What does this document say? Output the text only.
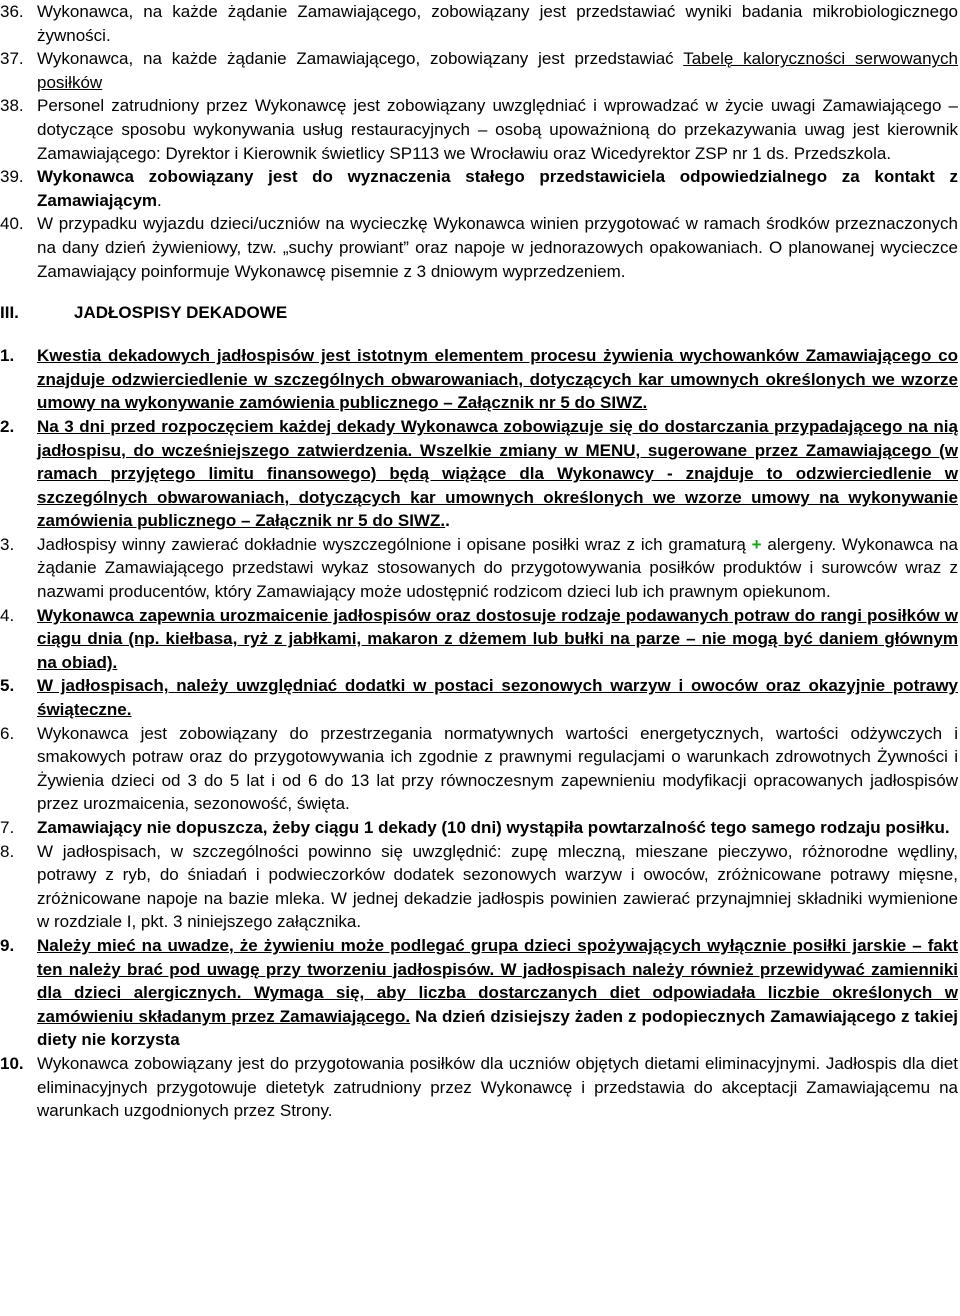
36. Wykonawca, na każde żądanie Zamawiającego, zobowiązany jest przedstawiać wyniki badania mikrobiologicznego żywności.
37. Wykonawca, na każde żądanie Zamawiającego, zobowiązany jest przedstawiać Tabelę kaloryczności serwowanych posiłków
38. Personel zatrudniony przez Wykonawcę jest zobowiązany uwzględniać i wprowadzać w życie uwagi Zamawiającego – dotyczące sposobu wykonywania usług restauracyjnych – osobą upoważnioną do przekazywania uwag jest kierownik Zamawiającego: Dyrektor i Kierownik świetlicy SP113 we Wrocławiu oraz Wicedyrektor ZSP nr 1 ds. Przedszkola.
39. Wykonawca zobowiązany jest do wyznaczenia stałego przedstawiciela odpowiedzialnego za kontakt z Zamawiającym.
40. W przypadku wyjazdu dzieci/uczniów na wycieczkę Wykonawca winien przygotować w ramach środków przeznaczonych na dany dzień żywieniowy, tzw. „suchy prowiant” oraz napoje w jednorazowych opakowaniach. O planowanej wycieczce Zamawiający poinformuje Wykonawcę pisemnie z 3 dniowym wyprzedzeniem.
III.	JADŁOSPISY DEKADOWE
1.	Kwestia dekadowych jadłospisów jest istotnym elementem procesu żywienia wychowanków Zamawiającego co znajduje odzwierciedlenie w szczególnych obwarowaniach, dotyczących kar umownych określonych we wzorze umowy na wykonywanie zamówienia publicznego – Załącznik nr 5 do SIWZ.
2.	Na 3 dni przed rozpoczęciem każdej dekady Wykonawca zobowiązuje się do dostarczania przypadającego na nią jadłospisu, do wcześniejszego zatwierdzenia. Wszelkie zmiany w MENU, sugerowane przez Zamawiającego (w ramach przyjętego limitu finansowego) będą wiążące dla Wykonawcy - znajduje to odzwierciedlenie w szczególnych obwarowaniach, dotyczących kar umownych określonych we wzorze umowy na wykonywanie zamówienia publicznego – Załącznik nr 5 do SIWZ..
3.	Jadłospisy winny zawierać dokładnie wyszczególnione i opisane posiłki wraz z ich gramaturą + alergeny. Wykonawca na żądanie Zamawiającego przedstawi wykaz stosowanych do przygotowywania posiłków produktów i surowców wraz z nazwami producentów, który Zamawiający może udostępnić rodzicom dzieci lub ich prawnym opiekunom.
4.	Wykonawca zapewnia urozmaicenie jadłospisów oraz dostosuje rodzaje podawanych potraw do rangi posiłków w ciągu dnia (np. kiełbasa, ryż z jabłkami, makaron z dżemem lub bułki na parze – nie mogą być daniem głównym na obiad).
5.	W jadłospisach, należy uwzględniać dodatki w postaci sezonowych warzyw i owoców oraz okazyjnie potrawy świąteczne.
6.	Wykonawca jest zobowiązany do przestrzegania normatywnych wartości energetycznych, wartości odżywczych i smakowych potraw oraz do przygotowywania ich zgodnie z prawnymi regulacjami o warunkach zdrowotnych Żywności i Żywienia dzieci od 3 do 5 lat i od 6 do 13 lat przy równoczesnym zapewnieniu modyfikacji opracowanych jadłospisów przez urozmaicenia, sezonowość, święta.
7.	Zamawiający nie dopuszcza, żeby ciągu 1 dekady (10 dni) wystąpiła powtarzalność tego samego rodzaju posiłku.
8.	W jadłospisach, w szczególności powinno się uwzględnić: zupę mleczną, mieszane pieczywo, różnorodne wędliny, potrawy z ryb, do śniadań i podwieczorków dodatek sezonowych warzyw i owoców, zróżnicowane potrawy mięsne, zróżnicowane napoje na bazie mleka. W jednej dekadzie jadłospis powinien zawierać przynajmniej składniki wymienione w rozdziale I, pkt. 3 niniejszego załącznika.
9.	Należy mieć na uwadze, że żywieniu może podlegać grupa dzieci spożywających wyłącznie posiłki jarskie – fakt ten należy brać pod uwagę przy tworzeniu jadłospisów. W jadłospisach należy również przewidywać zamienniki dla dzieci alergicznych. Wymaga się, aby liczba dostarczanych diet odpowiadała liczbie określonych w zamówieniu składanym przez Zamawiającego. Na dzień dzisiejszy żaden z podopiecznych Zamawiającego z takiej diety nie korzysta
10. Wykonawca zobowiązany jest do przygotowania posiłków dla uczniów objętych dietami eliminacyjnymi. Jadłospis dla diet eliminacyjnych przygotowuje dietetyk zatrudniony przez Wykonawcę i przedstawia do akceptacji Zamawiającemu na warunkach uzgodnionych przez Strony.
